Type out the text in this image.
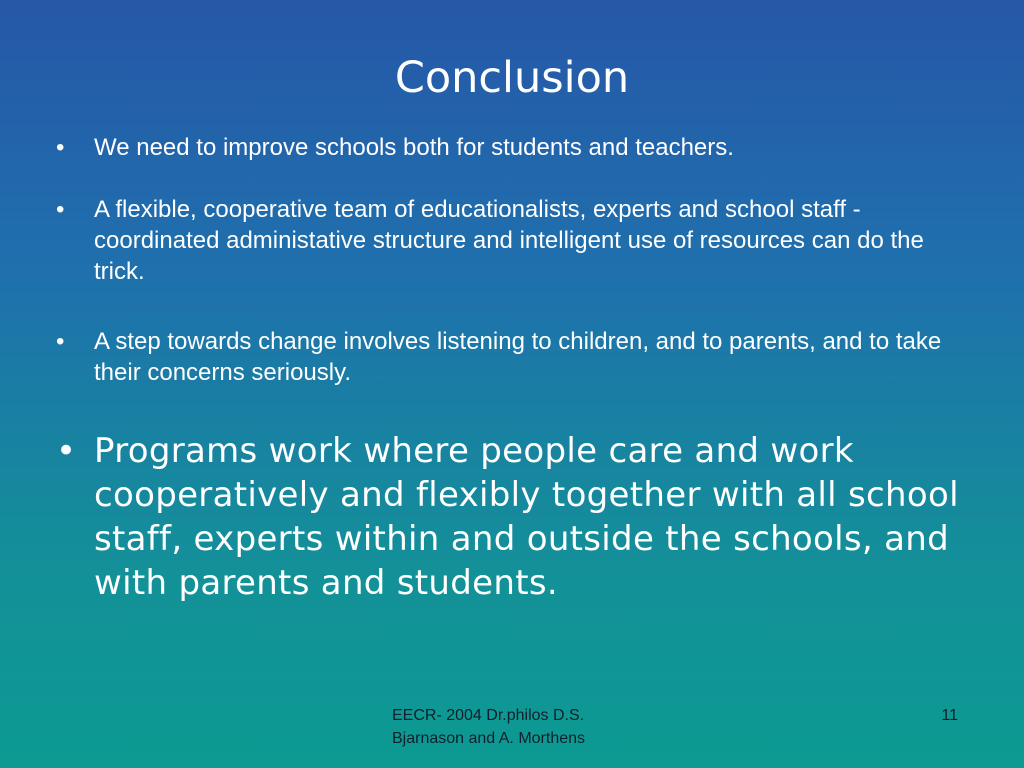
Conclusion
• We need to improve schools both for students and teachers.
• A flexible, cooperative team of educationalists, experts and school staff - coordinated administative structure and intelligent use of resources can do the trick.
• A step towards change involves listening to children, and to parents, and to take their concerns seriously.
• Programs work where people care and work cooperatively and flexibly together with all school staff, experts within and outside the schools, and with parents and students.
EECR- 2004 Dr.philos D.S.
Bjarnason and A. Morthens
11
